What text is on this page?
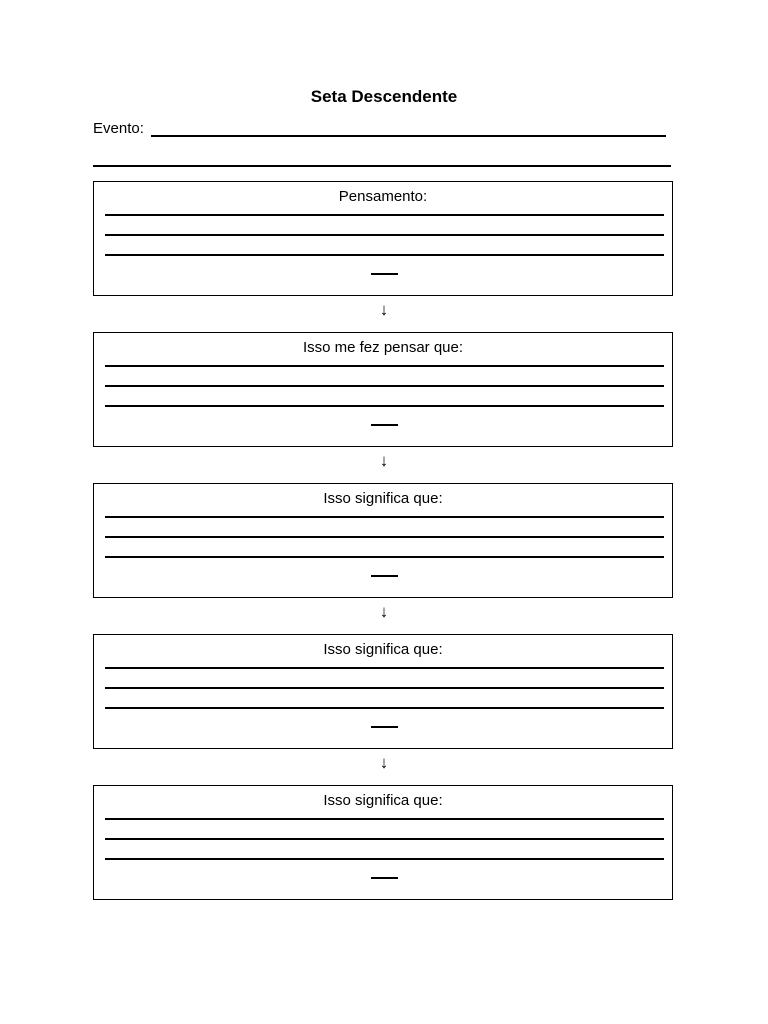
Seta Descendente
Evento:
Pensamento:
↓
Isso me fez pensar que:
↓
Isso significa que:
↓
Isso significa que:
↓
Isso significa que:
